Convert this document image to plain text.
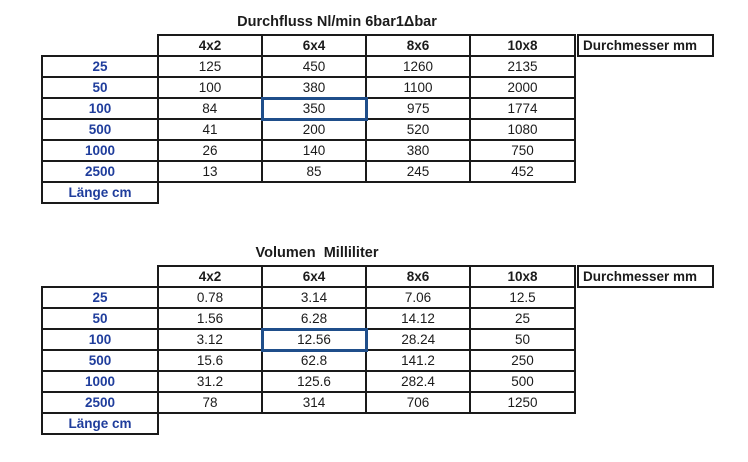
Durchfluss Nl/min 6bar1Δbar
	4x2	6x4	8x6	10x8		Durchmesser mm
25	125	450	1260	2135		
50	100	380	1100	2000		
100	84	350	975	1774		
500	41	200	520	1080		
1000	26	140	380	750		
2500	13	85	245	452		
Länge cm						
Volumen  Milliliter
	4x2	6x4	8x6	10x8		Durchmesser mm
25	0.78	3.14	7.06	12.5		
50	1.56	6.28	14.12	25		
100	3.12	12.56	28.24	50		
500	15.6	62.8	141.2	250		
1000	31.2	125.6	282.4	500		
2500	78	314	706	1250		
Länge cm						
